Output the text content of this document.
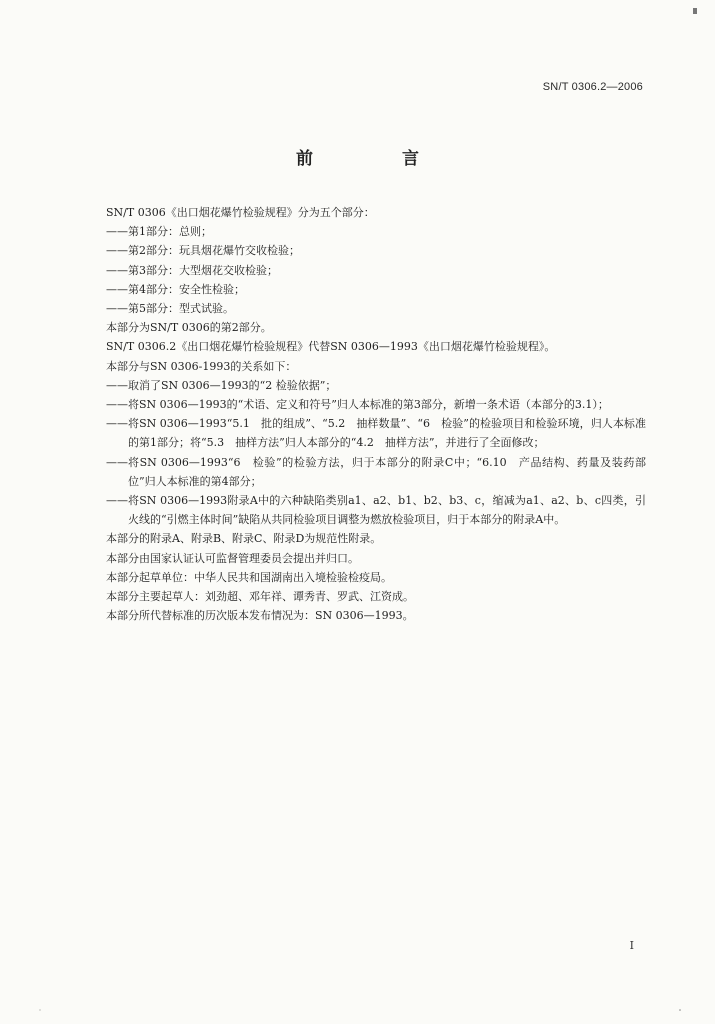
SN/T 0306.2—2006
前　言
SN/T 0306《出口烟花爆竹检验规程》分为五个部分：
—— 第1部分：总则；
—— 第2部分：玩具烟花爆竹交收检验；
—— 第3部分：大型烟花交收检验；
—— 第4部分：安全性检验；
—— 第5部分：型式试验。
本部分为SN/T 0306的第2部分。
SN/T 0306.2《出口烟花爆竹检验规程》代替SN 0306—1993《出口烟花爆竹检验规程》。
本部分与SN 0306-1993的关系如下：
—— 取消了SN 0306—1993的“2 检验依据”；
—— 将SN 0306—1993的“术语、定义和符号”归人本标准的第3部分，新增一条术语（本部分的3.1）；
—— 将SN 0306—1993“5.1　批的组成”、“5.2　抽样数量”、“6　检验”的检验项目和检验环境，归人本标准的第1部分；将“5.3　抽样方法”归人本部分的“4.2　抽样方法”，并进行了全面修改；
—— 将SN 0306—1993“6　检验”的检验方法，归于本部分的附录C中；“6.10　产品结构、药量及装药部位”归人本标准的第4部分；
—— 将SN 0306—1993附录A中的六种缺陷类别a1、a2、b1、b2、b3、c，缩减为a1、a2、b、c四类，引火线的“引燃主体时间”缺陷从共同检验项目调整为燃放检验项目，归于本部分的附录A中。
本部分的附录A、附录B、附录C、附录D为规范性附录。
本部分由国家认证认可监督管理委员会提出并归口。
本部分起草单位：中华人民共和国湖南出入境检验检疫局。
本部分主要起草人：刘劲超、邓年祥、谭秀青、罗武、江资成。
本部分所代替标准的历次版本发布情况为：SN 0306—1993。
I
